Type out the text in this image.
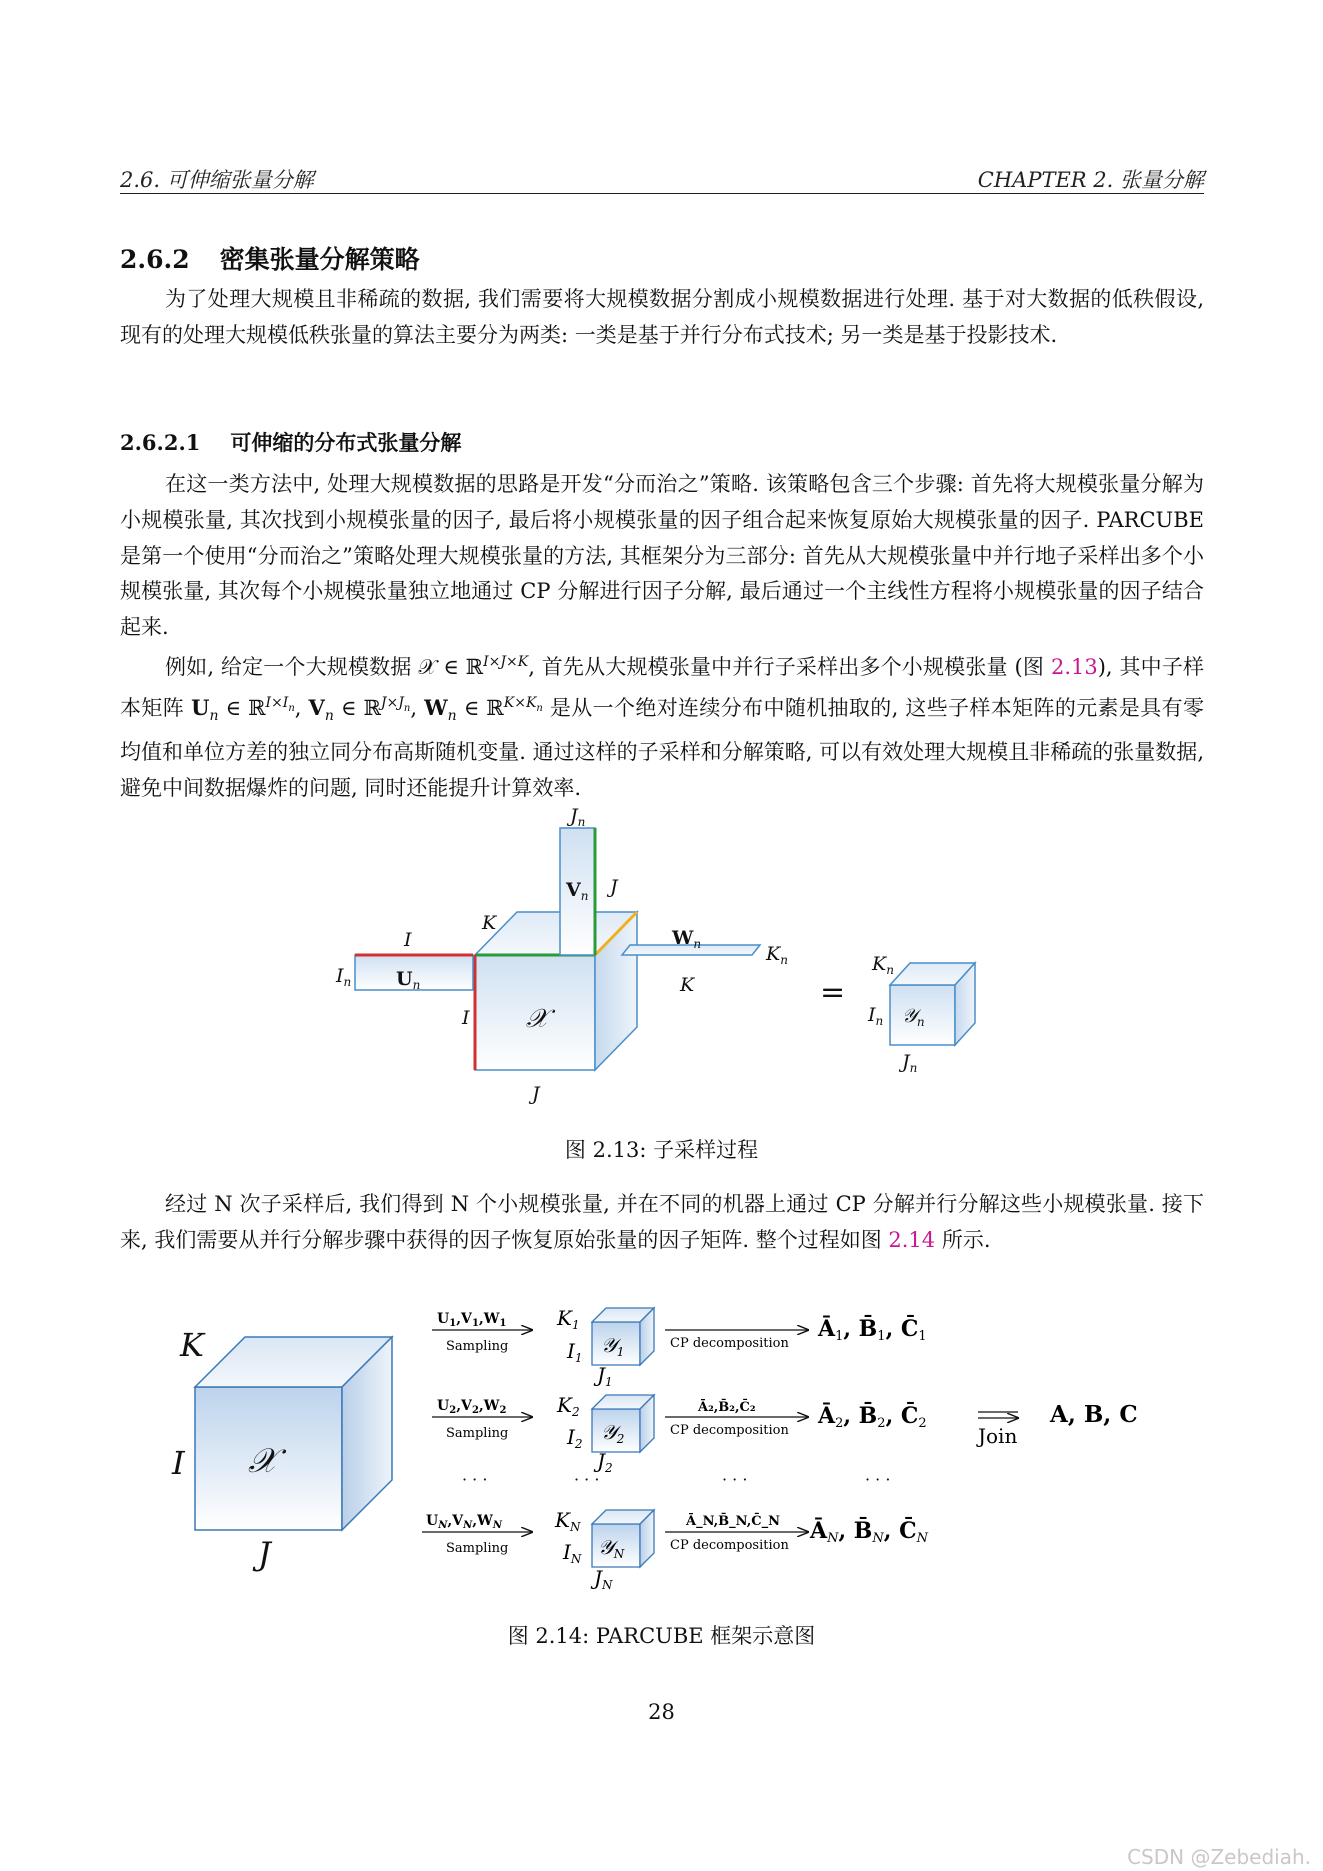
2.6. 可伸缩张量分解	CHAPTER 2. 张量分解
2.6.2 密集张量分解策略
为了处理大规模且非稀疏的数据, 我们需要将大规模数据分割成小规模数据进行处理. 基于对大数据的低秩假设, 现有的处理大规模低秩张量的算法主要分为两类: 一类是基于并行分布式技术; 另一类是基于投影技术.
2.6.2.1 可伸缩的分布式张量分解
在这一类方法中, 处理大规模数据的思路是开发“分而治之”策略. 该策略包含三个步骤: 首先将大规模张量分解为小规模张量, 其次找到小规模张量的因子, 最后将小规模张量的因子组合起来恢复原始大规模张量的因子. PARCUBE 是第一个使用“分而治之”策略处理大规模张量的方法, 其框架分为三部分: 首先从大规模张量中并行地子采样出多个小规模张量, 其次每个小规模张量独立地通过 CP 分解进行因子分解, 最后通过一个主线性方程将小规模张量的因子结合起来.
例如, 给定一个大规模数据 𝒳 ∈ ℝ$^{I\times J\times K}$, 首先从大规模张量中并行子采样出多个小规模张量 (图 2.13), 其中子样本矩阵 $U_n$ ∈ ℝ$^{I\times I_n}$, $V_n$ ∈ ℝ$^{J\times J_n}$, $W_n$ ∈ ℝ$^{K\times K_n}$ 是从一个绝对连续分布中随机抽取的, 这些子样本矩阵的元素是具有零均值和单位方差的独立同分布高斯随机变量. 通过这样的子采样和分解策略, 可以有效处理大规模且非稀疏的张量数据, 避免中间数据爆炸的问题, 同时还能提升计算效率.
$J_n$
$V_n$ J
K
$W_n$	$K_n$
I
$I_n$ $U_n$	K
I 𝒳
J
=
$K_n$
$I_n$ 𝒴$_n$
$J_n$
图 2.13: 子采样过程
经过 N 次子采样后, 我们得到 N 个小规模张量, 并在不同的机器上通过 CP 分解并行分解这些小规模张量. 接下来, 我们需要从并行分解步骤中获得的因子恢复原始张量的因子矩阵. 整个过程如图 2.14 所示.
K
I 𝒳
J
$U_1,V_1,W_1$
Sampling
$K_1$
$I_1$
𝒴$_1$
$J_1$
CP decomposition
Ā1, B̄1, C̄1
$U_2,V_2,W_2$
Sampling
$K_2$
$I_2$ 𝒴$_2$
$J_2$
Ā₂,B̄₂,C̄₂
CP decomposition
Ā2, B̄2, C̄2
Join
A, B, C
· · ·	· · ·	· · ·	· · ·
$U_N,V_N,W_N$
Sampling
$K_N$
$I_N$ 𝒴$_N$
$J_N$
Ā_N,B̄_N,C̄_N
CP decomposition
ĀN, B̄N, C̄N
图 2.14: PARCUBE 框架示意图
28
CSDN @Zebediah.
